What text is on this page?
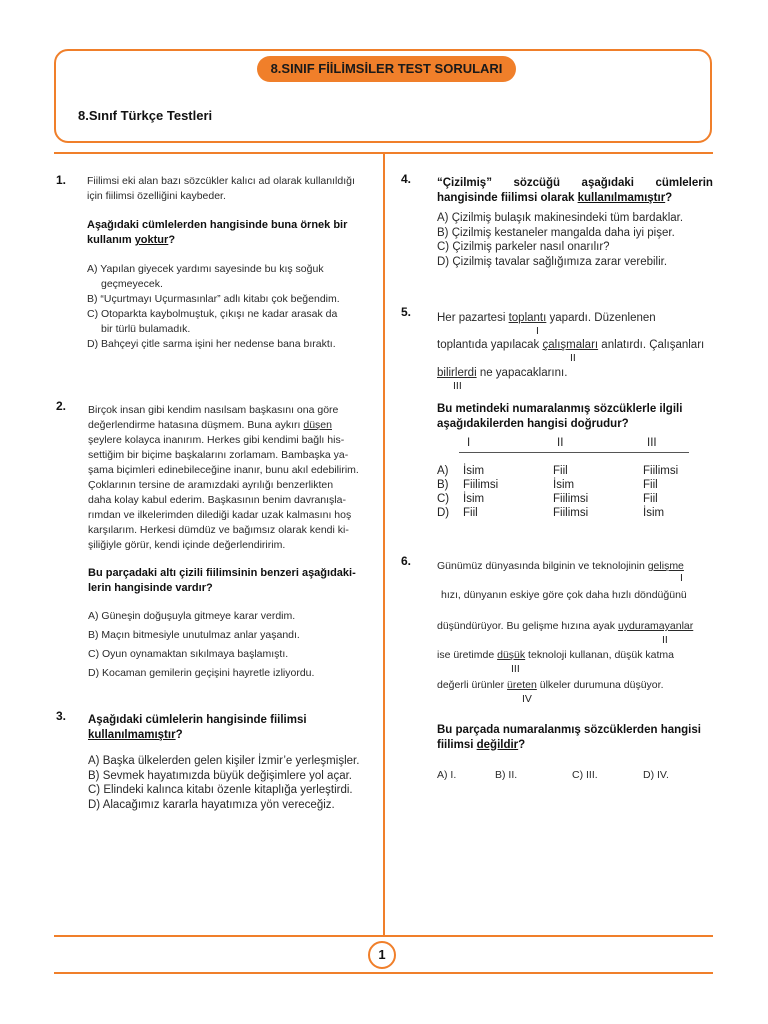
8.SINIF FİİLİMSİLER TEST SORULARI
8.Sınıf Türkçe Testleri
1. Fiilimsi eki alan bazı sözcükler kalıcı ad olarak kullanıldığı
için fiilimsi özelliğini kaybeder.

Aşağıdaki cümlelerden hangisinde buna örnek bir
kullanım yoktur?

A) Yapılan giyecek yardımı sayesinde bu kış soğuk
geçmeyecek.

B) “Uçurtmayı Uçurmasınlar” adlı kitabı çok beğendim.

C) Otoparkta kaybolmuştuk, çıkışı ne kadar arasak da
bir türlü bulamadık.

D) Bahçeyi çitle sarma işini her nedense bana bıraktı.

2. Birçok insan gibi kendim nasılsam başkasını ona göre
değerlendirme hatasına düşmem. Buna aykırı düşen
şeylere kolayca inanırım. Herkes gibi kendimi bağlı his-
settiğim bir biçime başkalarını zorlamam. Bambaşka ya-
şama biçimleri edinebileceğine inanır, bunu akıl edebilirim.
Çoklarının tersine de aramızdaki ayrılığı benzerlikten
daha kolay kabul ederim. Başkasının benim davranışla-
rımdan ve ilkelerimden dilediği kadar uzak kalmasını hoş
karşılarım. Herkesi dümdüz ve bağımsız olarak kendi ki-
şiliğiyle görür, kendi içinde değerlendiririm.

Bu parçadaki altı çizili fiilimsinin benzeri aşağıdaki-
lerin hangisinde vardır?

A) Güneşin doğuşuyla gitmeye karar verdim.

B) Maçın bitmesiyle unutulmaz anlar yaşandı.

C) Oyun oynamaktan sıkılmaya başlamıştı.

D) Kocaman gemilerin geçişini hayretle izliyordu.

3. Aşağıdaki cümlelerin hangisinde fiilimsi
kullanılmamıştır?

A) Başka ülkelerden gelen kişiler İzmir’e yerleşmişler.

B) Sevmek hayatımızda büyük değişimlere yol açar.

C) Elindeki kalınca kitabı özenle kitaplığa yerleştirdi.

D) Alacağımız kararla hayatımıza yön vereceğiz.

4. “Çizilmiş” sözcüğü aşağıdaki cümlelerin

hangisinde fiilimsi olarak kullanılmamıştır?

A) Çizilmiş bulaşık makinesindeki tüm bardaklar.

B) Çizilmiş kestaneler mangalda daha iyi pişer.

C) Çizilmiş parkeler nasıl onarılır?

D) Çizilmiş tavalar sağlığımıza zarar verebilir.

5. Her pazartesi toplantı yapardı. Düzenlenen

I

toplantıda yapılacak çalışmaları anlatırdı. Çalışanları

II

bilirlerdi ne yapacaklarını.

III

Bu metindeki numaralanmış sözcüklerle ilgili
aşağıdakilerden hangisi doğrudur?

	I	II	III

A)	İsim	Fiil	Fiilimsi
B)	Fiilimsi	İsim	Fiil
C)	İsim	Fiilimsi	Fiil
D)	Fiil	Fiilimsi	İsim
6. Günümüz dünyasında bilginin ve teknolojinin gelişme
I
hızı, dünyanın eskiye göre çok daha hızlı döndüğünü
düşündürüyor. Bu gelişme hızına ayak uyduramayanlar
II
ise üretimde düşük teknoloji kullanan, düşük katma
III
değerli ürünler üreten ülkeler durumuna düşüyor.
IV

Bu parçada numaralanmış sözcüklerden hangisi
fiilimsi değildir?

A) I.	B) II.	C) III.	D) IV.
1
